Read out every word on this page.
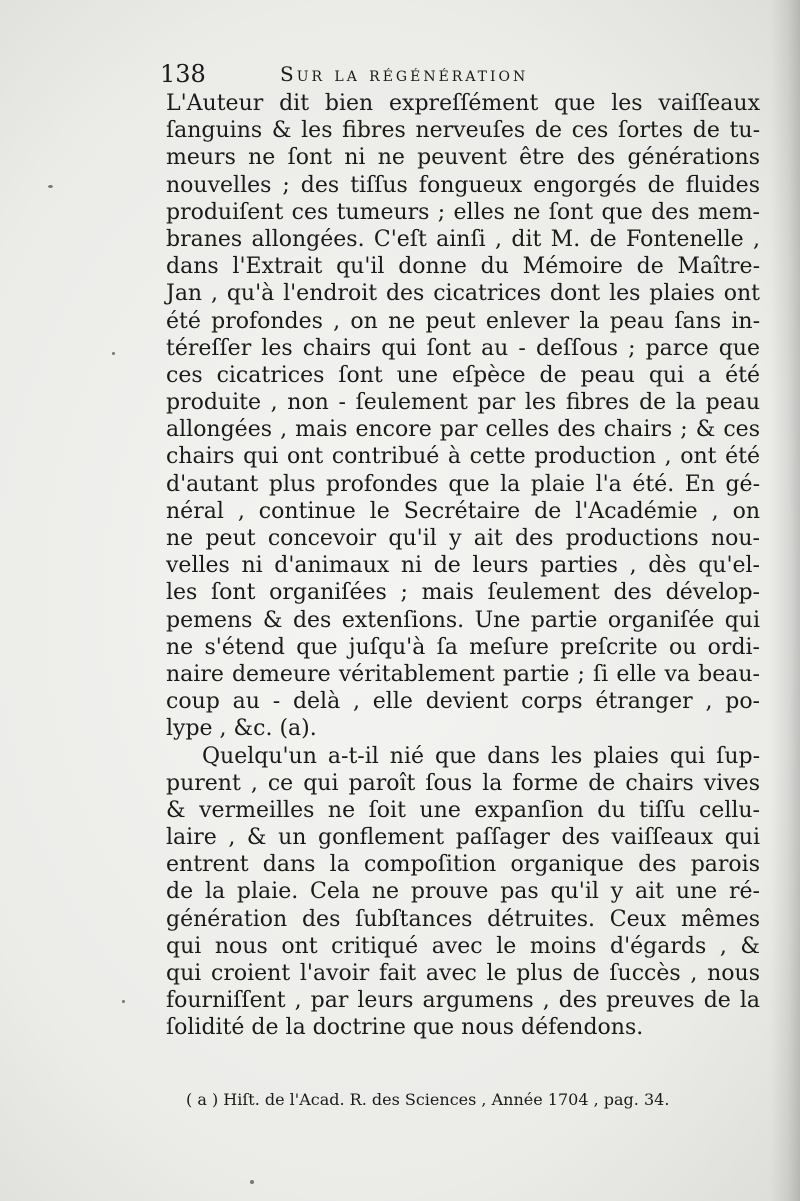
138	Sur la régénération
L'Auteur dit bien expreſſément que les vaiſſeaux
ſanguins & les fibres nerveuſes de ces ſortes de tu-
meurs ne ſont ni ne peuvent être des générations
nouvelles ; des tiſſus fongueux engorgés de fluides
produiſent ces tumeurs ; elles ne ſont que des mem-
branes allongées. C'eſt ainſi , dit M. de Fontenelle ,
dans l'Extrait qu'il donne du Mémoire de Maître-
Jan , qu'à l'endroit des cicatrices dont les plaies ont
été profondes , on ne peut enlever la peau ſans in-
téreſſer les chairs qui ſont au - deſſous ; parce que
ces cicatrices ſont une eſpèce de peau qui a été
produite , non - ſeulement par les fibres de la peau
allongées , mais encore par celles des chairs ; & ces
chairs qui ont contribué à cette production , ont été
d'autant plus profondes que la plaie l'a été. En gé-
néral , continue le Secrétaire de l'Académie , on
ne peut concevoir qu'il y ait des productions nou-
velles ni d'animaux ni de leurs parties , dès qu'el-
les ſont organiſées ; mais ſeulement des dévelop-
pemens & des extenſions. Une partie organiſée qui
ne s'étend que juſqu'à ſa meſure preſcrite ou ordi-
naire demeure véritablement partie ; ſi elle va beau-
coup au - delà , elle devient corps étranger , po-
lype , &c. (a).
Quelqu'un a-t-il nié que dans les plaies qui ſup-
purent , ce qui paroît ſous la forme de chairs vives
& vermeilles ne ſoit une expanſion du tiſſu cellu-
laire , & un gonflement paſſager des vaiſſeaux qui
entrent dans la compoſition organique des parois
de la plaie. Cela ne prouve pas qu'il y ait une ré-
génération des ſubſtances détruites. Ceux mêmes
qui nous ont critiqué avec le moins d'égards , &
qui croient l'avoir fait avec le plus de ſuccès , nous
fourniſſent , par leurs argumens , des preuves de la
ſolidité de la doctrine que nous défendons.
( a ) Hiſt. de l'Acad. R. des Sciences , Année 1704 , pag. 34.
